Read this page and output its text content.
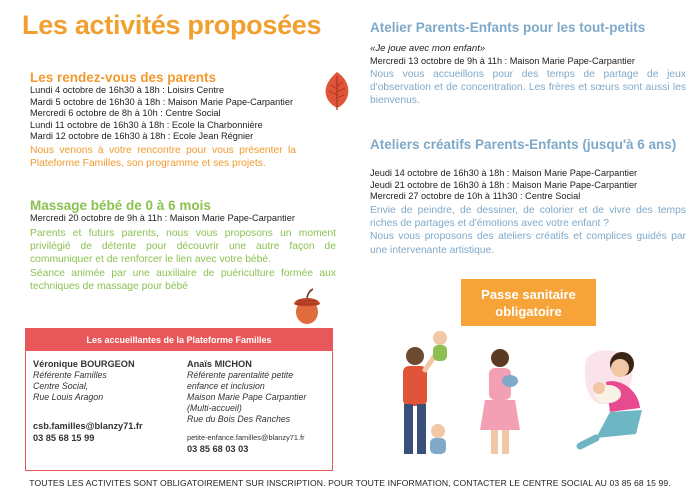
Les activités proposées
Les rendez-vous des parents
Lundi 4 octobre de 16h30 à 18h : Loisirs Centre
Mardi 5 octobre de 16h30 à 18h : Maison Marie Pape-Carpantier
Mercredi 6 octobre de 8h à 10h : Centre Social
Lundi 11 octobre de 16h30 à 18h : Ecole la Charbonnière
Mardi 12 octobre de 16h30 à 18h : Ecole Jean Régnier
Nous venons à votre rencontre pour vous présenter la Plateforme Familles, son programme et ses projets.
Massage bébé de 0 à 6 mois
Mercredi 20 octobre de 9h à 11h : Maison Marie Pape-Carpantier
Parents et futurs parents, nous vous proposons un moment privilégié de détente pour découvrir une autre façon de communiquer et de renforcer le lien avec votre bébé.
Séance animée par une auxiliaire de puériculture formée aux techniques de massage pour bébé
Atelier Parents-Enfants pour les tout-petits
«Je joue avec mon enfant»
Mercredi 13 octobre de 9h à 11h : Maison Marie Pape-Carpantier
Nous vous accueillons pour des temps de partage de jeux d'observation et de concentration. Les frères et sœurs sont aussi les bienvenus.
Ateliers créatifs Parents-Enfants (jusqu'à 6 ans)
Jeudi 14 octobre de 16h30 à 18h : Maison Marie Pape-Carpantier
Jeudi 21 octobre de 16h30 à 18h : Maison Marie Pape-Carpantier
Mercredi 27 octobre de 10h à 11h30 : Centre Social
Envie de peindre, de dessiner, de colorier et de vivre des temps riches de partages et d'émotions avec votre enfant ?
Nous vous proposons des ateliers créatifs et complices guidés par une intervenante artistique.
Passe sanitaire obligatoire
Les accueillantes de la Plateforme Familles
Véronique BOURGEON
Référente Familles
Centre Social,
Rue Louis Aragon
csb.familles@blanzy71.fr
03 85 68 15 99
Anaïs MICHON
Référente parentalité petite
enfance et inclusion
Maison Marie Pape Carpantier
(Multi-accueil)
Rue du Bois Des Ranches
petite-enfance.familles@blanzy71.fr
03 85 68 03 03
TOUTES LES ACTIVITES SONT OBLIGATOIREMENT SUR INSCRIPTION. POUR TOUTE INFORMATION, CONTACTER LE CENTRE SOCIAL AU 03 85 68 15 99.
